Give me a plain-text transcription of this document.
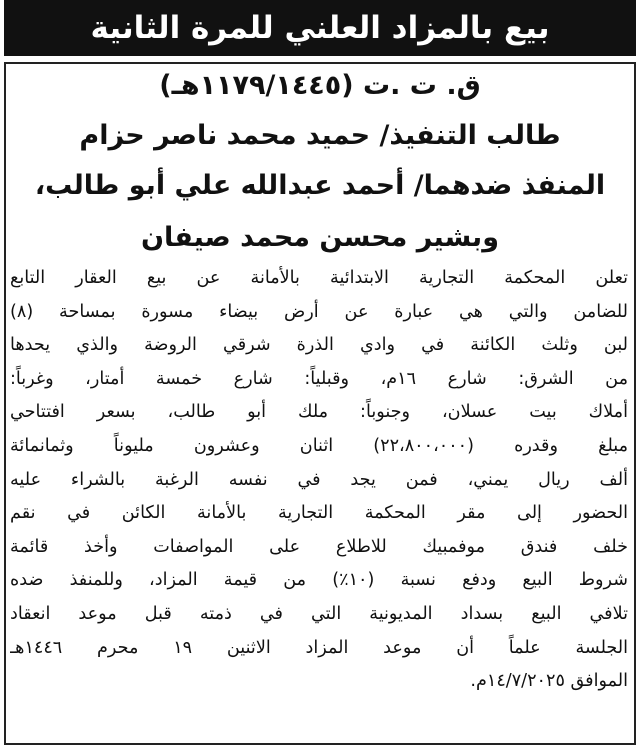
بيع بالمزاد العلني للمرة الثانية
ق. ت .ت (١١٧٩/١٤٤٥هـ)
طالب التنفيذ/ حميد محمد ناصر حزام
المنفذ ضدهما/ أحمد عبدالله علي أبو طالب،
وبشير محسن محمد صيفان
تعلن المحكمة التجارية الابتدائية بالأمانة عن بيع العقار التابع
للضامن والتي هي عبارة عن أرض بيضاء مسورة بمساحة (٨)
لبن وثلث الكائنة في وادي الذرة شرقي الروضة والذي يحدها
من الشرق: شارع ١٦م، وقبلياً: شارع خمسة أمتار، وغرباً:
أملاك بيت عسلان، وجنوباً: ملك أبو طالب، بسعر افتتاحي
مبلغ وقدره (٢٢،٨٠٠،٠٠٠) اثنان وعشرون مليوناً وثمانمائة
ألف ريال يمني، فمن يجد في نفسه الرغبة بالشراء عليه
الحضور إلى مقر المحكمة التجارية بالأمانة الكائن في نقم
خلف فندق موفمبيك للاطلاع على المواصفات وأخذ قائمة
شروط البيع ودفع نسبة (١٠٪) من قيمة المزاد، وللمنفذ ضده
تلافي البيع بسداد المديونية التي في ذمته قبل موعد انعقاد
الجلسة علماً أن موعد المزاد الاثنين ١٩ محرم ١٤٤٦هـ
الموافق ١٤/٧/٢٠٢٥م.
